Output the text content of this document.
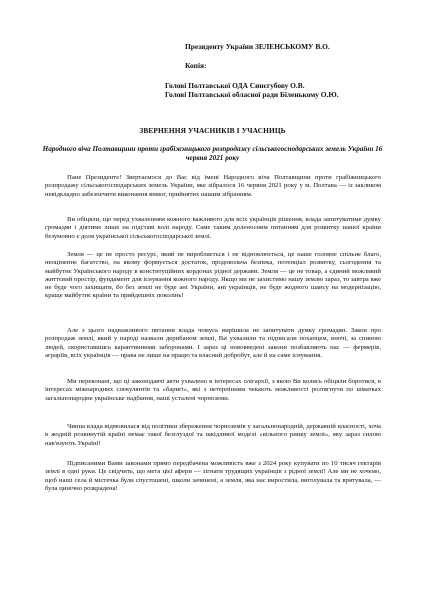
Президенту України ЗЕЛЕНСЬКОМУ В.О.
Копія:
Голові Полтавської ОДА Синєгубову О.В.
Голові Полтавської обласної ради Біленькому О.Ю.
ЗВЕРНЕННЯ УЧАСНИКІВ І УЧАСНИЦЬ
Народного віча Полтавщини проти грабіжницького розпродажу сільськогосподарських земель України 16 червня 2021 року

Пане Президенте! Звертаємося до Вас від імені Народного віча Полтавщини проти грабіжницького розпродажу сільськогосподарських земель України, яке зібралося 16 червня 2021 року у м. Полтава — із закликом невідкладно забезпечити виконання вимог, прийнятих нашим зібранням.

Ви обіцяли, що перед ухваленням кожного важливого для всіх українців рішення, влада запитуватиме думку громадян і діятиме лише на підставі волі народу. Саме таким доленосним питанням для розвитку нашої країни безумовно є доля української сільськогосподарської землі.

Земля — це не просто ресурс, який не виробляється і не відновлюється, це наше головне спільне благо, неоціненне багатство, на якому формується достаток, продовольча безпека, потенціал розвитку, сьогодення та майбутнє Українського народу в конституційних кордонах рідної держави. Земля — це не товар, а єдиний можливий життєвий простір, фундамент для існування кожного народу. Якщо ми не захистимо нашу землю зараз, то завтра вже не буде чого захищати, бо без землі не буде ані України, ані українців, не буде жодного шансу на модернізацію, краще майбутнє країни та прийдешніх поколінь!

Але з цього надважливого питання влада чомусь вирішила не запитувати думку громадян. Закон про розпродаж землі, який у народі назвали дерибаном землі, Ви ухвалили та підписали похапцем, вночі, за спиною людей, скориставшись карантинними заборонами. І зараз ці нововведені закони позбавляють нас — фермерів, аграріїв, всіх українців — права не лише на працю та власний добробут, але й на саме існування.

Ми переконані, що ці законодавчі акти ухвалено в інтересах олігархії, з якою Ви колись обіцяли боротися, в інтересах міжнародних спекулянтів та «баригі», які з нетерпінням чекають можливості розтягнути по шматках загальнонародне українське надбання, наші усталені чорноземи.

Чинна влада відмовилася від політики збереження чорноземів у загальнонародній, державній власності, хоча в жодній розвинутій країні немає такої безглуздої та шкідливої моделі «вільного ринку землі», яку зараз силою нав'язують Україні!

Підписаними Вами законами прямо передбачена можливість вже з 2024 року купувати по 10 тисяч гектарів землі в одні руки. Це свідчить, що мета цієї афери — зігнати трудящих українців з рідної землі! Але ми не хочемо, щоб наші села й містечка були спустошені, школи зачинені, а земля, яка нас виростила, виголувала та врятувала, — була цинічно розкрадена!
